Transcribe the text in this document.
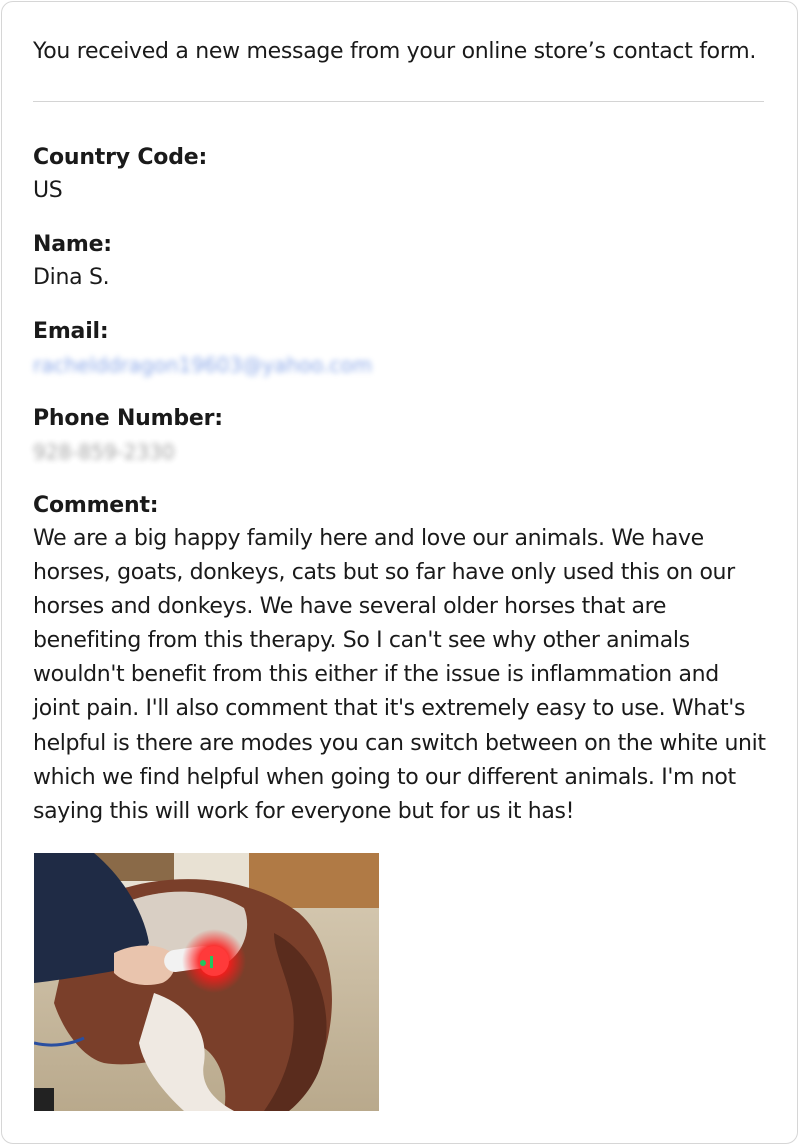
You received a new message from your online store’s contact form.
Country Code:
US
Name:
Dina S.
Email:
rachelddragon19603@yahoo.com
Phone Number:
928-859-2330
Comment:
We are a big happy family here and love our animals. We have horses, goats, donkeys, cats but so far have only used this on our horses and donkeys. We have several older horses that are benefiting from this therapy. So I can't see why other animals wouldn't benefit from this either if the issue is inflammation and joint pain. I'll also comment that it's extremely easy to use. What's helpful is there are modes you can switch between on the white unit which we find helpful when going to our different animals. I'm not saying this will work for everyone but for us it has!
